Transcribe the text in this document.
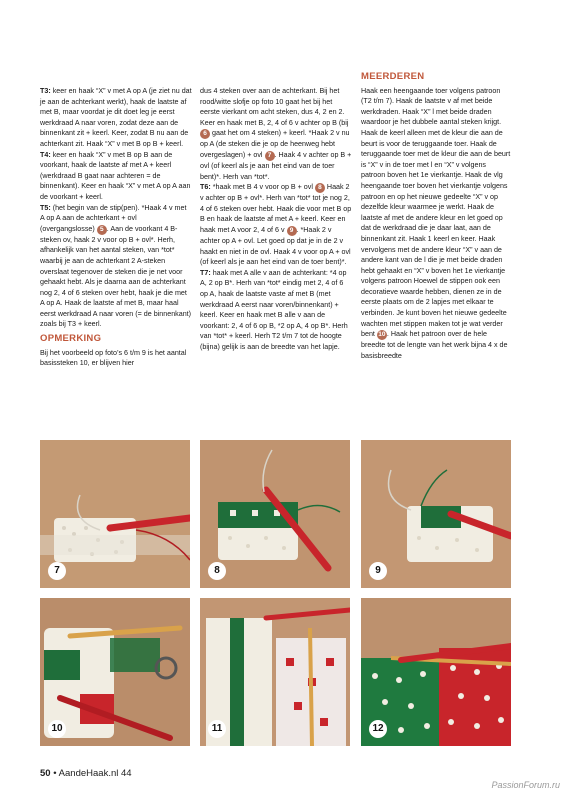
T3: keer en haak “X” v met A op A (je ziet nu dat je aan de achterkant werkt), haak de laatste af met B, maar voordat je dit doet leg je eerst werkdraad A naar voren, zodat deze aan de binnenkant zit + keerl. Keer, zodat B nu aan de achterkant zit. Haak “X” v met B op B + keerl.

T4: keer en haak “X” v met B op B aan de voorkant, haak de laatste af met A + keerl (werkdraad B gaat naar achteren = de binnenkant). Keer en haak “X” v met A op A aan de voorkant + keerl.

T5: (het begin van de stip(pen). *Haak 4 v met A op A aan de achterkant + ovl (overgangslosse) 5 . Aan de voorkant 4 B-steken ov, haak 2 v voor op B + ovl*. Herh, afhankelijk van het aantal steken, van *tot* waarbij je aan de achterkant 2 A-steken overslaat tegenover de steken die je net voor gehaakt hebt. Als je daarna aan de achterkant nog 2, 4 of 6 steken over hebt, haak je die met A op A. Haak de laatste af met B, maar haal eerst werkdraad A naar voren (= de binnenkant) zoals bij T3 + keerl.

OPMERKING

Bij het voorbeeld op foto’s 6 t/m 9 is het aantal basissteken 10, er blijven hier

dus 4 steken over aan de achterkant. Bij het rood/witte slofje op foto 10 gaat het bij het eerste vierkant om acht steken, dus 4, 2 en 2. Keer en haak met B, 2, 4 of 6 v achter op B (bij 6 gaat het om 4 steken) + keerl. *Haak 2 v nu op A (de steken die je op de heenweg hebt overgeslagen) + ovl 7 . Haak 4 v achter op B + ovl (of keerl als je aan het eind van de toer bent)*. Herh van *tot*.

T6: *haak met B 4 v voor op B + ovl 8 Haak 2 v achter op B + ovl*. Herh van *tot* tot je nog 2, 4 of 6 steken over hebt. Haak die voor met B op B en haak de laatste af met A + keerl. Keer en haak met A voor 2, 4 of 6 v 9 . *Haak 2 v achter op A + ovl. Let goed op dat je in de 2 v haakt en niet in de ovl. Haak 4 v voor op A + ovl (of keerl als je aan het eind van de toer bent)*.

T7: haak met A alle v aan de achterkant: *4 op A, 2 op B*. Herh van *tot* eindig met 2, 4 of 6 op A, haak de laatste vaste af met B (met werkdraad A eerst naar voren/binnenkant) + keerl. Keer en haak met B alle v aan de voorkant: 2, 4 of 6 op B, *2 op A, 4 op B*. Herh van *tot* + keerl. Herh T2 t/m 7 tot de hoogte (bijna) gelijk is aan de breedte van het lapje.

MEERDEREN

Haak een heengaande toer volgens patroon (T2 t/m 7). Haak de laatste v af met beide werkdraden. Haak “X” l met beide draden waardoor je het dubbele aantal steken krijgt. Haak de keerl alleen met de kleur die aan de beurt is voor de teruggaande toer. Haak de teruggaande toer met de kleur die aan de beurt is “X” v in de toer met l en “X” v volgens patroon boven het 1e vierkantje. Haak de vlg heengaande toer boven het vierkantje volgens patroon en op het nieuwe gedeelte “X” v op dezelfde kleur waarmee je werkt. Haak de laatste af met de andere kleur en let goed op dat de werkdraad die je daar laat, aan de binnenkant zit. Haak 1 keerl en keer. Haak vervolgens met de andere kleur “X” v aan de andere kant van de l die je met beide draden hebt gehaakt en “X” v boven het 1e vierkantje volgens patroon Hoewel de stippen ook een decoratieve waarde hebben, dienen ze in de eerste plaats om de 2 lapjes met elkaar te verbinden. Je kunt boven het nieuwe gedeelte wachten met stippen maken tot je wat verder bent 10. Haak het patroon over de hele breedte tot de lengte van het werk bijna 4 x de basisbreedte

7	8	9
10	11	12
50 • AandeHaak.nl 44
PassionForum.ru
